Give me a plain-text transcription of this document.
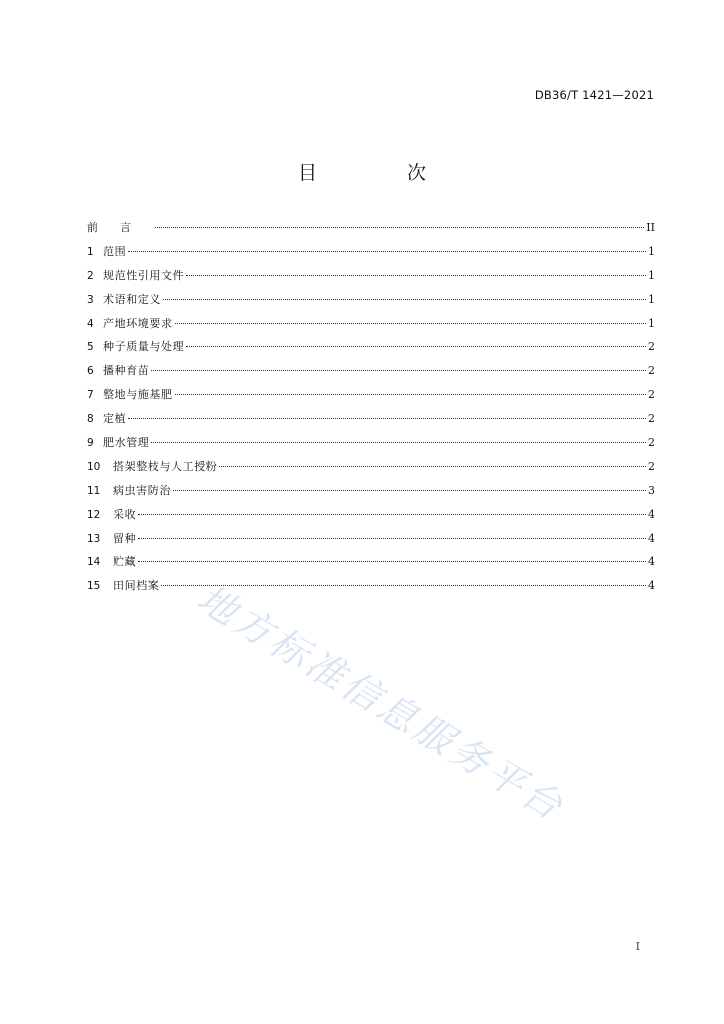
DB36/T 1421—2021
目 次
前言	II
1 范围	1
2 规范性引用文件	1
3 术语和定义	1
4 产地环境要求	1
5 种子质量与处理	2
6 播种育苗	2
7 整地与施基肥	2
8 定植	2
9 肥水管理	2
10	搭架整枝与人工授粉	2
11	病虫害防治	3
12	采收	4
13	留种	4
14	贮藏	4
15	田间档案	4
地方标准信息服务平台
I
